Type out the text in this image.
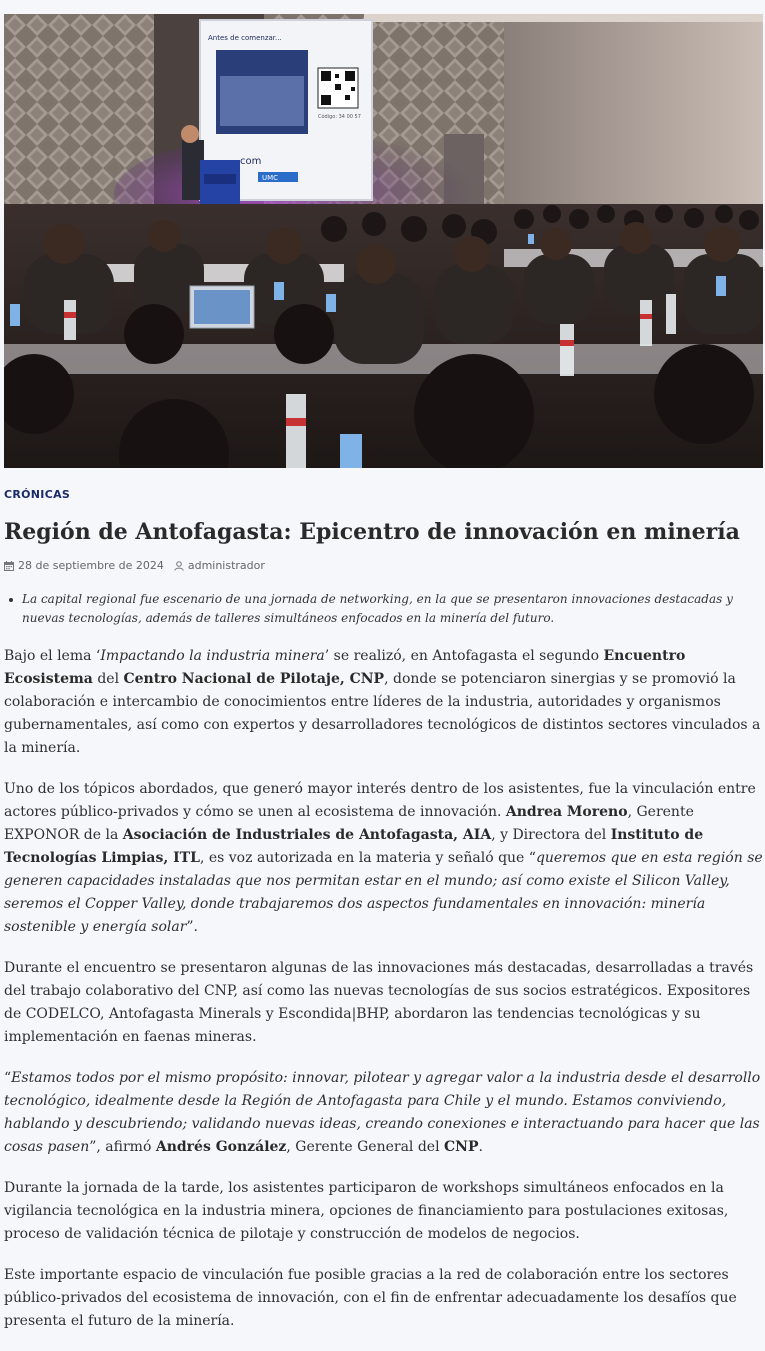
Antes de comenzar...
Código: 34 00 57
com
UMC
CRÓNICAS
Región de Antofagasta: Epicentro de innovación en minería
28 de septiembre de 2024 administrador
La capital regional fue escenario de una jornada de networking, en la que se presentaron innovaciones destacadas y nuevas tecnologías, además de talleres simultáneos enfocados en la minería del futuro.

Bajo el lema ‘Impactando la industria minera’ se realizó, en Antofagasta el segundo Encuentro Ecosistema del Centro Nacional de Pilotaje, CNP, donde se potenciaron sinergias y se promovió la colaboración e intercambio de conocimientos entre líderes de la industria, autoridades y organismos gubernamentales, así como con expertos y desarrolladores tecnológicos de distintos sectores vinculados a la minería.

Uno de los tópicos abordados, que generó mayor interés dentro de los asistentes, fue la vinculación entre actores público-privados y cómo se unen al ecosistema de innovación. Andrea Moreno, Gerente EXPONOR de la Asociación de Industriales de Antofagasta, AIA, y Directora del Instituto de Tecnologías Limpias, ITL, es voz autorizada en la materia y señaló que “queremos que en esta región se generen capacidades instaladas que nos permitan estar en el mundo; así como existe el Silicon Valley, seremos el Copper Valley, donde trabajaremos dos aspectos fundamentales en innovación: minería sostenible y energía solar”.

Durante el encuentro se presentaron algunas de las innovaciones más destacadas, desarrolladas a través del trabajo colaborativo del CNP, así como las nuevas tecnologías de sus socios estratégicos. Expositores de CODELCO, Antofagasta Minerals y Escondida|BHP, abordaron las tendencias tecnológicas y su implementación en faenas mineras.

“Estamos todos por el mismo propósito: innovar, pilotear y agregar valor a la industria desde el desarrollo tecnológico, idealmente desde la Región de Antofagasta para Chile y el mundo. Estamos conviviendo, hablando y descubriendo; validando nuevas ideas, creando conexiones e interactuando para hacer que las cosas pasen”, afirmó Andrés González, Gerente General del CNP.

Durante la jornada de la tarde, los asistentes participaron de workshops simultáneos enfocados en la vigilancia tecnológica en la industria minera, opciones de financiamiento para postulaciones exitosas, proceso de validación técnica de pilotaje y construcción de modelos de negocios.

Este importante espacio de vinculación fue posible gracias a la red de colaboración entre los sectores público-privados del ecosistema de innovación, con el fin de enfrentar adecuadamente los desafíos que presenta el futuro de la minería.
